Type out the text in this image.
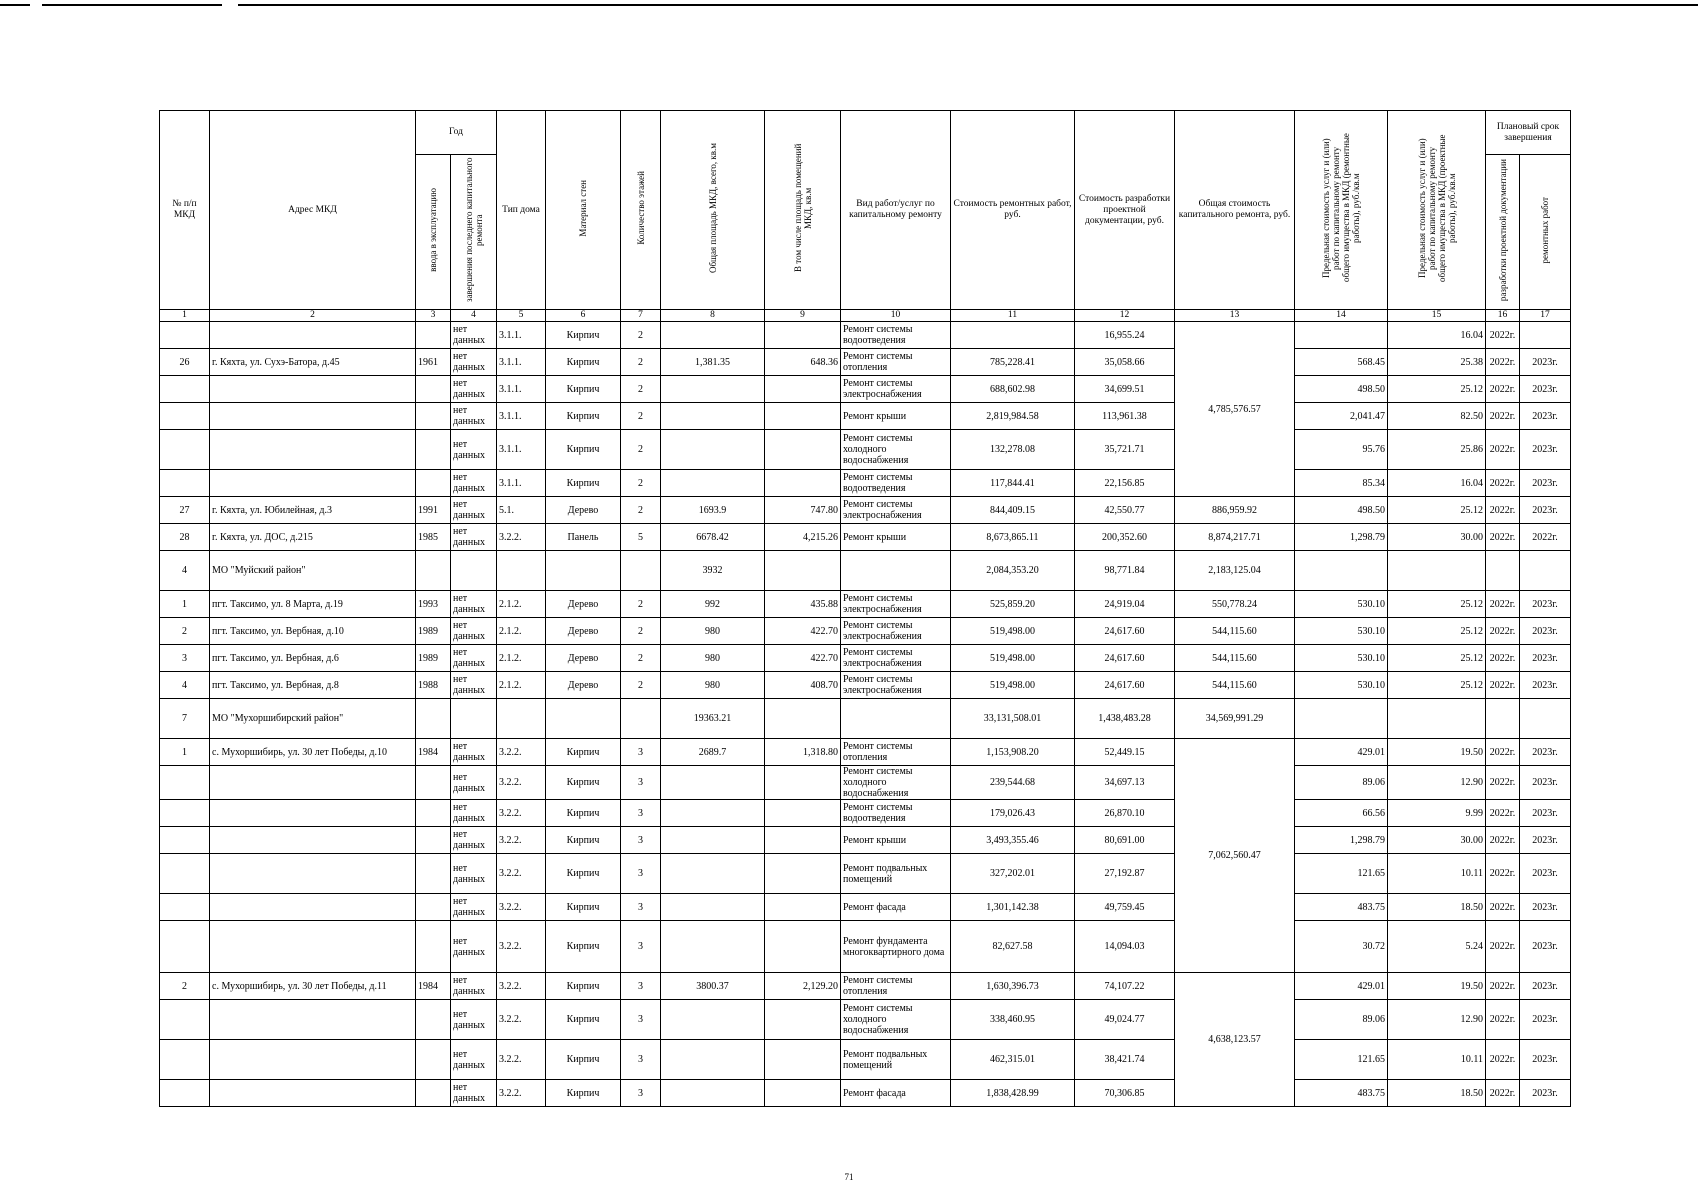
№ п/п МКД	Адрес МКД	Год		Тип дома	Материал стен	Количество этажей	Общая площадь МКД, всего, кв.м	В том числе площадь помещений МКД, кв.м	Вид работ/услуг по капитальному ремонту	Стоимость ремонтных работ, руб.	Стоимость разработки проектной документации, руб.	Общая стоимость капитального ремонта, руб.	Предельная стоимость услуг и (или) работ по капитальному ремонту общего имущества в МКД (ремонтные работы), руб./кв.м	Предельная стоимость услуг и (или) работ по капитальному ремонту общего имущества в МКД (проектные работы), руб./кв.м	Плановый срок завершения	
		ввода в эксплуатацию	завершения последнего капитального ремонта												разработки проектной документации	ремонтных работ
1	2	3	4	5	6	7	8	9	10	11	12	13	14	15	16	17
			нет данных	3.1.1.	Кирпич	2			Ремонт системы водоотведения		16,955.24	4,785,576.57		16.04	2022г.	
26	г. Кяхта, ул. Сухэ-Батора, д.45	1961	нет данных	3.1.1.	Кирпич	2	1,381.35	648.36	Ремонт системы отопления	785,228.41	35,058.66		568.45	25.38	2022г.	2023г.
			нет данных	3.1.1.	Кирпич	2			Ремонт системы электроснабжения	688,602.98	34,699.51		498.50	25.12	2022г.	2023г.
			нет данных	3.1.1.	Кирпич	2			Ремонт крыши	2,819,984.58	113,961.38		2,041.47	82.50	2022г.	2023г.
			нет данных	3.1.1.	Кирпич	2			Ремонт системы холодного водоснабжения	132,278.08	35,721.71		95.76	25.86	2022г.	2023г.
			нет данных	3.1.1.	Кирпич	2			Ремонт системы водоотведения	117,844.41	22,156.85		85.34	16.04	2022г.	2023г.
27	г. Кяхта, ул. Юбилейная, д.3	1991	нет данных	5.1.	Дерево	2	1693.9	747.80	Ремонт системы электроснабжения	844,409.15	42,550.77	886,959.92	498.50	25.12	2022г.	2023г.
28	г. Кяхта, ул. ДОС, д.215	1985	нет данных	3.2.2.	Панель	5	6678.42	4,215.26	Ремонт крыши	8,673,865.11	200,352.60	8,874,217.71	1,298.79	30.00	2022г.	2022г.
4	МО "Муйский район"						3932			2,084,353.20	98,771.84	2,183,125.04				
1	пгт. Таксимо, ул. 8 Марта, д.19	1993	нет данных	2.1.2.	Дерево	2	992	435.88	Ремонт системы электроснабжения	525,859.20	24,919.04	550,778.24	530.10	25.12	2022г.	2023г.
2	пгт. Таксимо, ул. Вербная, д.10	1989	нет данных	2.1.2.	Дерево	2	980	422.70	Ремонт системы электроснабжения	519,498.00	24,617.60	544,115.60	530.10	25.12	2022г.	2023г.
3	пгт. Таксимо, ул. Вербная, д.6	1989	нет данных	2.1.2.	Дерево	2	980	422.70	Ремонт системы электроснабжения	519,498.00	24,617.60	544,115.60	530.10	25.12	2022г.	2023г.
4	пгт. Таксимо, ул. Вербная, д.8	1988	нет данных	2.1.2.	Дерево	2	980	408.70	Ремонт системы электроснабжения	519,498.00	24,617.60	544,115.60	530.10	25.12	2022г.	2023г.
7	МО "Мухоршибирский район"						19363.21			33,131,508.01	1,438,483.28	34,569,991.29				
1	с. Мухоршибирь, ул. 30 лет Победы, д.10	1984	нет данных	3.2.2.	Кирпич	3	2689.7	1,318.80	Ремонт системы отопления	1,153,908.20	52,449.15	7,062,560.47	429.01	19.50	2022г.	2023г.
			нет данных	3.2.2.	Кирпич	3			Ремонт системы холодного водоснабжения	239,544.68	34,697.13		89.06	12.90	2022г.	2023г.
			нет данных	3.2.2.	Кирпич	3			Ремонт системы водоотведения	179,026.43	26,870.10		66.56	9.99	2022г.	2023г.
			нет данных	3.2.2.	Кирпич	3			Ремонт крыши	3,493,355.46	80,691.00		1,298.79	30.00	2022г.	2023г.
			нет данных	3.2.2.	Кирпич	3			Ремонт подвальных помещений	327,202.01	27,192.87		121.65	10.11	2022г.	2023г.
			нет данных	3.2.2.	Кирпич	3			Ремонт фасада	1,301,142.38	49,759.45		483.75	18.50	2022г.	2023г.
			нет данных	3.2.2.	Кирпич	3			Ремонт фундамента многоквартирного дома	82,627.58	14,094.03		30.72	5.24	2022г.	2023г.
2	с. Мухоршибирь, ул. 30 лет Победы, д.11	1984	нет данных	3.2.2.	Кирпич	3	3800.37	2,129.20	Ремонт системы отопления	1,630,396.73	74,107.22	4,638,123.57	429.01	19.50	2022г.	2023г.
			нет данных	3.2.2.	Кирпич	3			Ремонт системы холодного водоснабжения	338,460.95	49,024.77		89.06	12.90	2022г.	2023г.
			нет данных	3.2.2.	Кирпич	3			Ремонт подвальных помещений	462,315.01	38,421.74		121.65	10.11	2022г.	2023г.
			нет данных	3.2.2.	Кирпич	3			Ремонт фасада	1,838,428.99	70,306.85		483.75	18.50	2022г.	2023г.
71
